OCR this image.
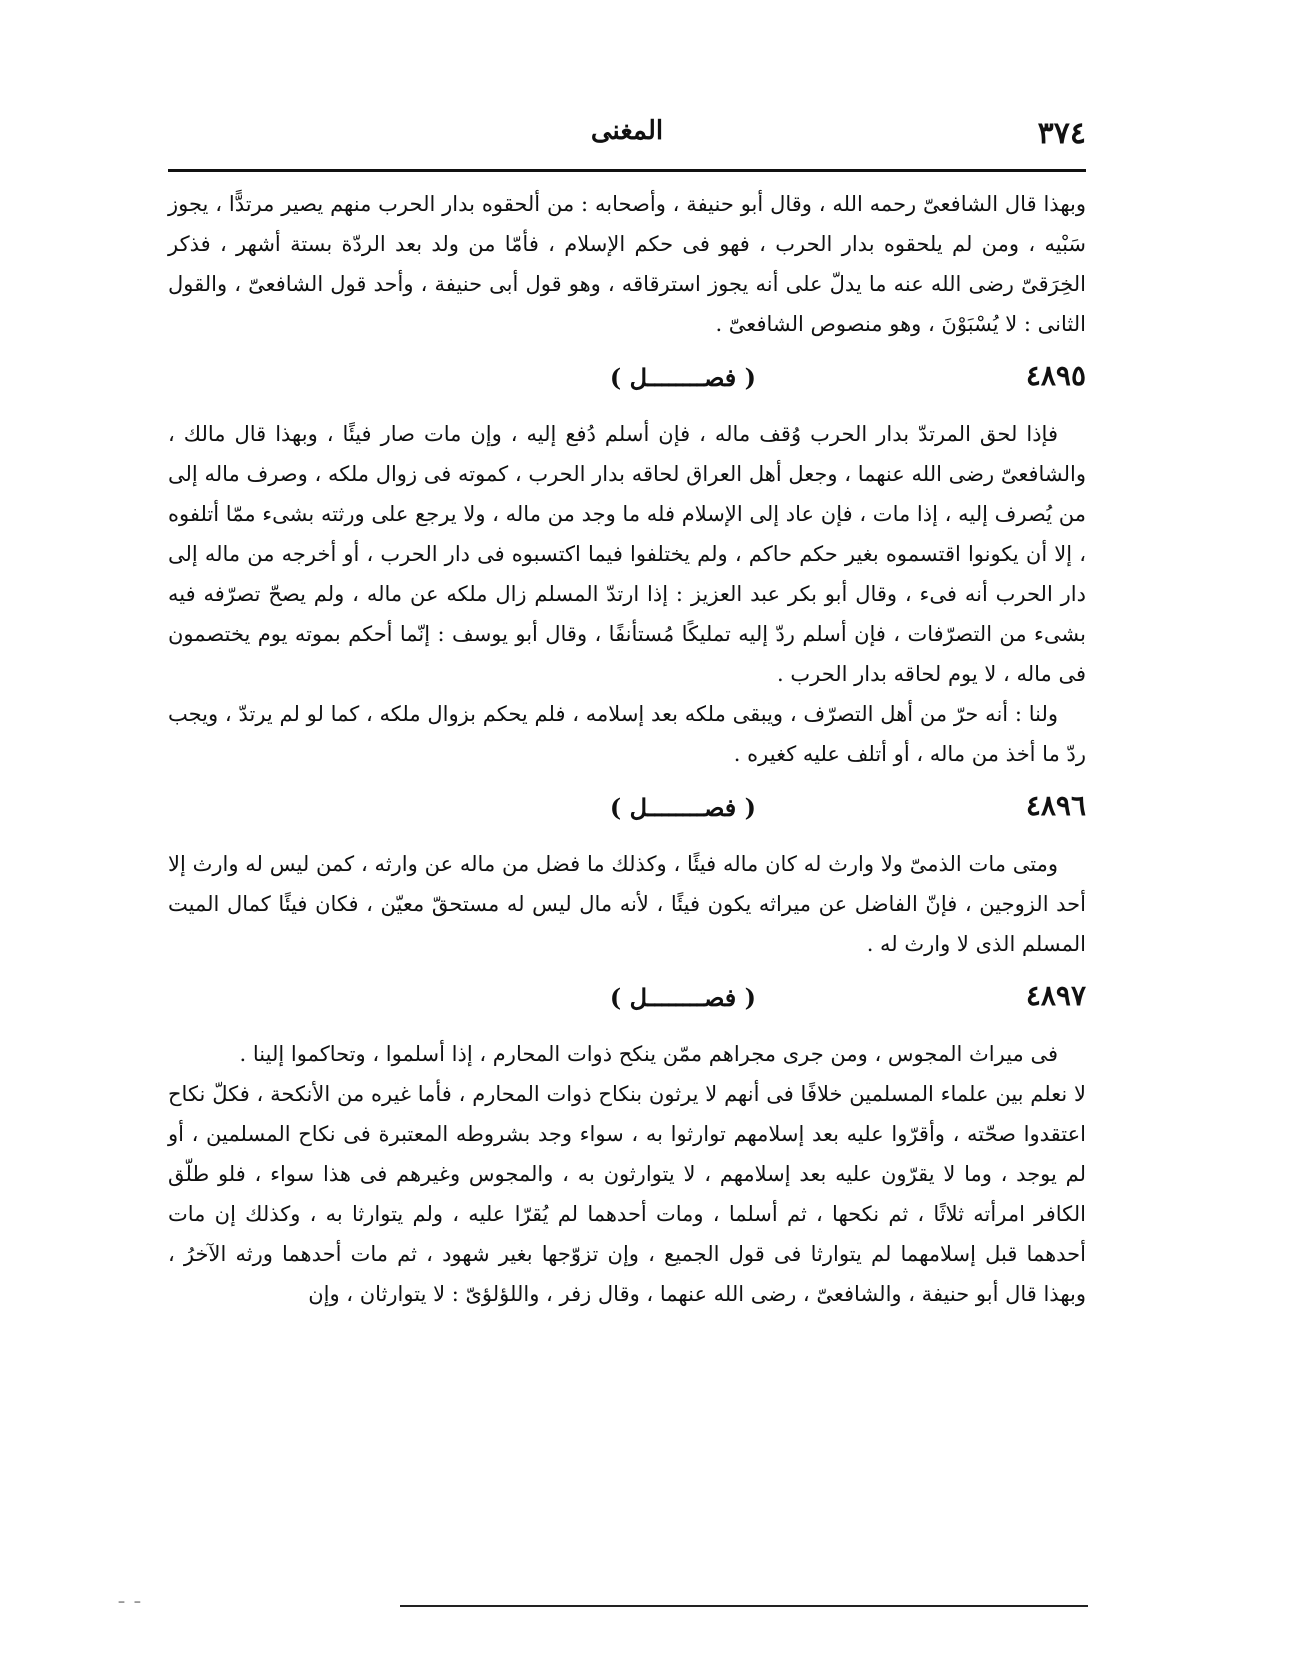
٣٧٤
المغنى

وبهذا قال الشافعىّ رحمه الله ، وقال أبو حنيفة ، وأصحابه : من ألحقوه بدار الحرب منهم يصير مرتدًّا ، يجوز سَبْيه ، ومن لم يلحقوه بدار الحرب ، فهو فى حكم الإسلام ، فأمّا من ولد بعد الردّة بستة أشهر ، فذكر الخِرَقىّ رضى الله عنه ما يدلّ على أنه يجوز استرقاقه ، وهو قول أبى حنيفة ، وأحد قول الشافعىّ ، والقول الثانى : لا يُسْبَوْنَ ، وهو منصوص الشافعىّ .

٤٨٩٥
( فصــــــــل )

فإذا لحق المرتدّ بدار الحرب وُقف ماله ، فإن أسلم دُفع إليه ، وإن مات صار فيئًا ، وبهذا قال مالك ، والشافعىّ رضى الله عنهما ، وجعل أهل العراق لحاقه بدار الحرب ، كموته فى زوال ملكه ، وصرف ماله إلى من يُصرف إليه ، إذا مات ، فإن عاد إلى الإسلام فله ما وجد من ماله ، ولا يرجع على ورثته بشىء ممّا أتلفوه ، إلا أن يكونوا اقتسموه بغير حكم حاكم ، ولم يختلفوا فيما اكتسبوه فى دار الحرب ، أو أخرجه من ماله إلى دار الحرب أنه فىء ، وقال أبو بكر عبد العزيز : إذا ارتدّ المسلم زال ملكه عن ماله ، ولم يصحّ تصرّفه فيه بشىء من التصرّفات ، فإن أسلم ردّ إليه تمليكًا مُستأنفًا ، وقال أبو يوسف : إنّما أحكم بموته يوم يختصمون فى ماله ، لا يوم لحاقه بدار الحرب .

ولنا : أنه حرّ من أهل التصرّف ، ويبقى ملكه بعد إسلامه ، فلم يحكم بزوال ملكه ، كما لو لم يرتدّ ، ويجب ردّ ما أخذ من ماله ، أو أتلف عليه كغيره .

٤٨٩٦
( فصــــــــل )

ومتى مات الذمىّ ولا وارث له كان ماله فيئًا ، وكذلك ما فضل من ماله عن وارثه ، كمن ليس له وارث إلا أحد الزوجين ، فإنّ الفاضل عن ميراثه يكون فيئًا ، لأنه مال ليس له مستحقّ معيّن ، فكان فيئًا كمال الميت المسلم الذى لا وارث له .

٤٨٩٧
( فصــــــــل )

فى ميراث المجوس ، ومن جرى مجراهم ممّن ينكح ذوات المحارم ، إذا أسلموا ، وتحاكموا إلينا .

لا نعلم بين علماء المسلمين خلافًا فى أنهم لا يرثون بنكاح ذوات المحارم ، فأما غيره من الأنكحة ، فكلّ نكاح اعتقدوا صحّته ، وأقرّوا عليه بعد إسلامهم توارثوا به ، سواء وجد بشروطه المعتبرة فى نكاح المسلمين ، أو لم يوجد ، وما لا يقرّون عليه بعد إسلامهم ، لا يتوارثون به ، والمجوس وغيرهم فى هذا سواء ، فلو طلّق الكافر امرأته ثلاثًا ، ثم نكحها ، ثم أسلما ، ومات أحدهما لم يُقرّا عليه ، ولم يتوارثا به ، وكذلك إن مات أحدهما قبل إسلامهما لم يتوارثا فى قول الجميع ، وإن تزوّجها بغير شهود ، ثم مات أحدهما ورثه الآخرُ ، وبهذا قال أبو حنيفة ، والشافعىّ ، رضى الله عنهما ، وقال زفر ، واللؤلؤىّ : لا يتوارثان ، وإن

–  –
